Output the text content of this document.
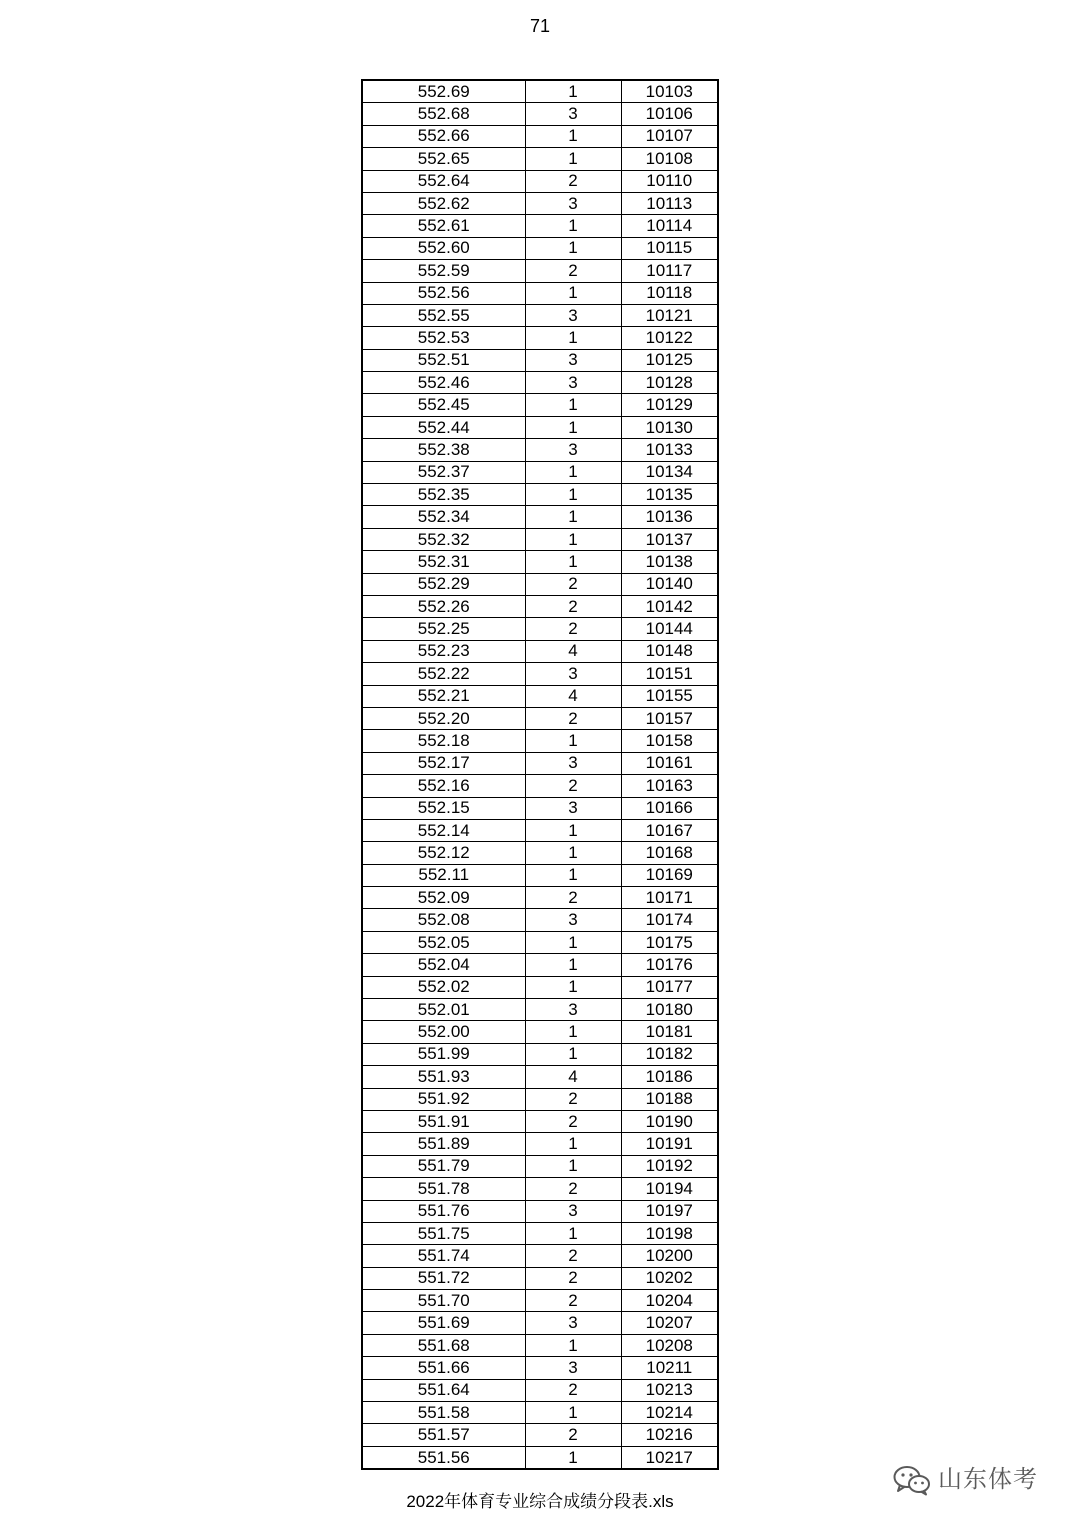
71
552.69	1	10103
552.68	3	10106
552.66	1	10107
552.65	1	10108
552.64	2	10110
552.62	3	10113
552.61	1	10114
552.60	1	10115
552.59	2	10117
552.56	1	10118
552.55	3	10121
552.53	1	10122
552.51	3	10125
552.46	3	10128
552.45	1	10129
552.44	1	10130
552.38	3	10133
552.37	1	10134
552.35	1	10135
552.34	1	10136
552.32	1	10137
552.31	1	10138
552.29	2	10140
552.26	2	10142
552.25	2	10144
552.23	4	10148
552.22	3	10151
552.21	4	10155
552.20	2	10157
552.18	1	10158
552.17	3	10161
552.16	2	10163
552.15	3	10166
552.14	1	10167
552.12	1	10168
552.11	1	10169
552.09	2	10171
552.08	3	10174
552.05	1	10175
552.04	1	10176
552.02	1	10177
552.01	3	10180
552.00	1	10181
551.99	1	10182
551.93	4	10186
551.92	2	10188
551.91	2	10190
551.89	1	10191
551.79	1	10192
551.78	2	10194
551.76	3	10197
551.75	1	10198
551.74	2	10200
551.72	2	10202
551.70	2	10204
551.69	3	10207
551.68	1	10208
551.66	3	10211
551.64	2	10213
551.58	1	10214
551.57	2	10216
551.56	1	10217
2022年体育专业综合成绩分段表.xls
山东体考
